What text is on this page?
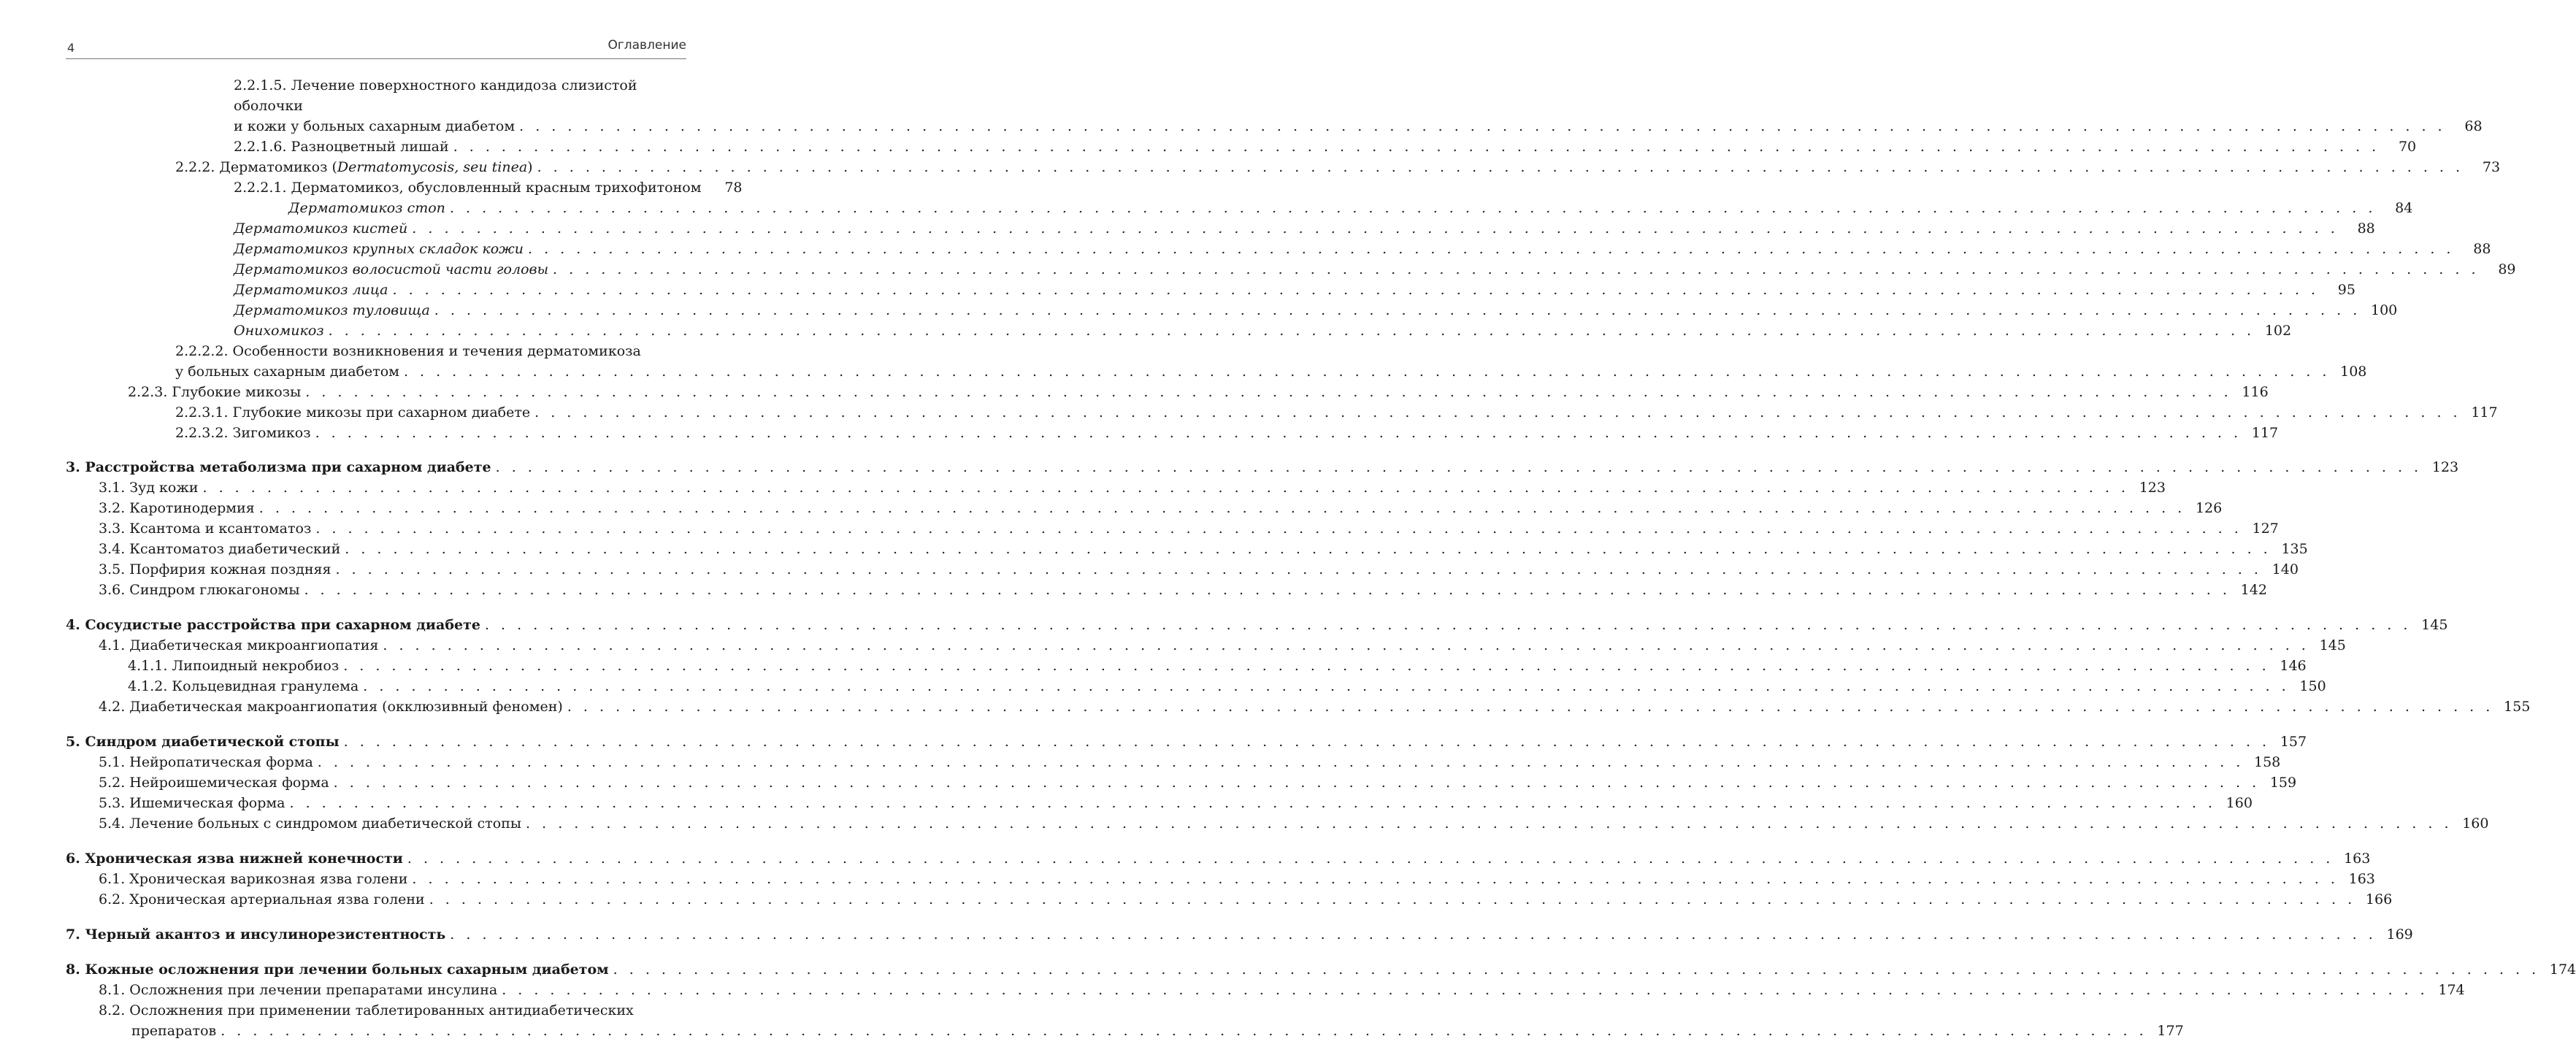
4	Оглавление
2.2.1.5. Лечение поверхностного кандидоза слизистой оболочки
и кожи у больных сахарным диабетом . . . . . . . . . . . . . . . . . . . . . . . . . . . . . . . . . . . . . . . . . . . . . . . . . . . . . . . . . . . . . . . . . . . . . . . . . . . . . . . . . . . . . . . . . . . . . . . . . . . . . . . . . . . . . . . . . . . . . . . .	68
2.2.1.6. Разноцветный лишай . . . . . . . . . . . . . . . . . . . . . . . . . . . . . . . . . . . . . . . . . . . . . . . . . . . . . . . . . . . . . . . . . . . . . . . . . . . . . . . . . . . . . . . . . . . . . . . . . . . . . . . . . . . . . . . . . . . . . . . .	70
2.2.2. Дерматомикоз (Dermatomycosis, seu tinea) . . . . . . . . . . . . . . . . . . . . . . . . . . . . . . . . . . . . . . . . . . . . . . . . . . . . . . . . . . . . . . . . . . . . . . . . . . . . . . . . . . . . . . . . . . . . . . . . . . . . . . . . . . . . . . . . . . . . . . . .	73
2.2.2.1. Дерматомикоз, обусловленный красным трихофитоном	78
Дерматомикоз стоп . . . . . . . . . . . . . . . . . . . . . . . . . . . . . . . . . . . . . . . . . . . . . . . . . . . . . . . . . . . . . . . . . . . . . . . . . . . . . . . . . . . . . . . . . . . . . . . . . . . . . . . . . . . . . . . . . . . . . . . .	84
Дерматомикоз кистей . . . . . . . . . . . . . . . . . . . . . . . . . . . . . . . . . . . . . . . . . . . . . . . . . . . . . . . . . . . . . . . . . . . . . . . . . . . . . . . . . . . . . . . . . . . . . . . . . . . . . . . . . . . . . . . . . . . . . . . .	88
Дерматомикоз крупных складок кожи . . . . . . . . . . . . . . . . . . . . . . . . . . . . . . . . . . . . . . . . . . . . . . . . . . . . . . . . . . . . . . . . . . . . . . . . . . . . . . . . . . . . . . . . . . . . . . . . . . . . . . . . . . . . . . . . . . . . . . . .	88
Дерматомикоз волосистой части головы . . . . . . . . . . . . . . . . . . . . . . . . . . . . . . . . . . . . . . . . . . . . . . . . . . . . . . . . . . . . . . . . . . . . . . . . . . . . . . . . . . . . . . . . . . . . . . . . . . . . . . . . . . . . . . . . . . . . . . . .	89
Дерматомикоз лица . . . . . . . . . . . . . . . . . . . . . . . . . . . . . . . . . . . . . . . . . . . . . . . . . . . . . . . . . . . . . . . . . . . . . . . . . . . . . . . . . . . . . . . . . . . . . . . . . . . . . . . . . . . . . . . . . . . . . . . .	95
Дерматомикоз туловища . . . . . . . . . . . . . . . . . . . . . . . . . . . . . . . . . . . . . . . . . . . . . . . . . . . . . . . . . . . . . . . . . . . . . . . . . . . . . . . . . . . . . . . . . . . . . . . . . . . . . . . . . . . . . . . . . . . . . . . . 100
Онихомикоз . . . . . . . . . . . . . . . . . . . . . . . . . . . . . . . . . . . . . . . . . . . . . . . . . . . . . . . . . . . . . . . . . . . . . . . . . . . . . . . . . . . . . . . . . . . . . . . . . . . . . . . . . . . . . . . . . . . . . . . . 102
2.2.2.2. Особенности возникновения и течения дерматомикоза
у больных сахарным диабетом . . . . . . . . . . . . . . . . . . . . . . . . . . . . . . . . . . . . . . . . . . . . . . . . . . . . . . . . . . . . . . . . . . . . . . . . . . . . . . . . . . . . . . . . . . . . . . . . . . . . . . . . . . . . . . . . . . . . . . . . 108
2.2.3. Глубокие микозы . . . . . . . . . . . . . . . . . . . . . . . . . . . . . . . . . . . . . . . . . . . . . . . . . . . . . . . . . . . . . . . . . . . . . . . . . . . . . . . . . . . . . . . . . . . . . . . . . . . . . . . . . . . . . . . . . . . . . . . . 116
2.2.3.1. Глубокие микозы при сахарном диабете . . . . . . . . . . . . . . . . . . . . . . . . . . . . . . . . . . . . . . . . . . . . . . . . . . . . . . . . . . . . . . . . . . . . . . . . . . . . . . . . . . . . . . . . . . . . . . . . . . . . . . . . . . . . . . . . . . . . . . . . 117
2.2.3.2. Зигомикоз . . . . . . . . . . . . . . . . . . . . . . . . . . . . . . . . . . . . . . . . . . . . . . . . . . . . . . . . . . . . . . . . . . . . . . . . . . . . . . . . . . . . . . . . . . . . . . . . . . . . . . . . . . . . . . . . . . . . . . . . 117
3. Расстройства метаболизма при сахарном диабете . . . . . . . . . . . . . . . . . . . . . . . . . . . . . . . . . . . . . . . . . . . . . . . . . . . . . . . . . . . . . . . . . . . . . . . . . . . . . . . . . . . . . . . . . . . . . . . . . . . . . . . . . . . . . . . . . . . . . . . . 123
3.1. Зуд кожи . . . . . . . . . . . . . . . . . . . . . . . . . . . . . . . . . . . . . . . . . . . . . . . . . . . . . . . . . . . . . . . . . . . . . . . . . . . . . . . . . . . . . . . . . . . . . . . . . . . . . . . . . . . . . . . . . . . . . . . . 123
3.2. Каротинодермия . . . . . . . . . . . . . . . . . . . . . . . . . . . . . . . . . . . . . . . . . . . . . . . . . . . . . . . . . . . . . . . . . . . . . . . . . . . . . . . . . . . . . . . . . . . . . . . . . . . . . . . . . . . . . . . . . . . . . . . . 126
3.3. Ксантома и ксантоматоз . . . . . . . . . . . . . . . . . . . . . . . . . . . . . . . . . . . . . . . . . . . . . . . . . . . . . . . . . . . . . . . . . . . . . . . . . . . . . . . . . . . . . . . . . . . . . . . . . . . . . . . . . . . . . . . . . . . . . . . . 127
3.4. Ксантоматоз диабетический . . . . . . . . . . . . . . . . . . . . . . . . . . . . . . . . . . . . . . . . . . . . . . . . . . . . . . . . . . . . . . . . . . . . . . . . . . . . . . . . . . . . . . . . . . . . . . . . . . . . . . . . . . . . . . . . . . . . . . . . 135
3.5. Порфирия кожная поздняя . . . . . . . . . . . . . . . . . . . . . . . . . . . . . . . . . . . . . . . . . . . . . . . . . . . . . . . . . . . . . . . . . . . . . . . . . . . . . . . . . . . . . . . . . . . . . . . . . . . . . . . . . . . . . . . . . . . . . . . . 140
3.6. Синдром глюкагономы . . . . . . . . . . . . . . . . . . . . . . . . . . . . . . . . . . . . . . . . . . . . . . . . . . . . . . . . . . . . . . . . . . . . . . . . . . . . . . . . . . . . . . . . . . . . . . . . . . . . . . . . . . . . . . . . . . . . . . . . 142
4. Сосудистые расстройства при сахарном диабете . . . . . . . . . . . . . . . . . . . . . . . . . . . . . . . . . . . . . . . . . . . . . . . . . . . . . . . . . . . . . . . . . . . . . . . . . . . . . . . . . . . . . . . . . . . . . . . . . . . . . . . . . . . . . . . . . . . . . . . . 145
4.1. Диабетическая микроангиопатия . . . . . . . . . . . . . . . . . . . . . . . . . . . . . . . . . . . . . . . . . . . . . . . . . . . . . . . . . . . . . . . . . . . . . . . . . . . . . . . . . . . . . . . . . . . . . . . . . . . . . . . . . . . . . . . . . . . . . . . . 145
4.1.1. Липоидный некробиоз . . . . . . . . . . . . . . . . . . . . . . . . . . . . . . . . . . . . . . . . . . . . . . . . . . . . . . . . . . . . . . . . . . . . . . . . . . . . . . . . . . . . . . . . . . . . . . . . . . . . . . . . . . . . . . . . . . . . . . . . 146
4.1.2. Кольцевидная гранулема . . . . . . . . . . . . . . . . . . . . . . . . . . . . . . . . . . . . . . . . . . . . . . . . . . . . . . . . . . . . . . . . . . . . . . . . . . . . . . . . . . . . . . . . . . . . . . . . . . . . . . . . . . . . . . . . . . . . . . . . 150
4.2. Диабетическая макроангиопатия (окклюзивный феномен) . . . . . . . . . . . . . . . . . . . . . . . . . . . . . . . . . . . . . . . . . . . . . . . . . . . . . . . . . . . . . . . . . . . . . . . . . . . . . . . . . . . . . . . . . . . . . . . . . . . . . . . . . . . . . . . . . . . . . . . . 155
5. Синдром диабетической стопы . . . . . . . . . . . . . . . . . . . . . . . . . . . . . . . . . . . . . . . . . . . . . . . . . . . . . . . . . . . . . . . . . . . . . . . . . . . . . . . . . . . . . . . . . . . . . . . . . . . . . . . . . . . . . . . . . . . . . . . . 157
5.1. Нейропатическая форма . . . . . . . . . . . . . . . . . . . . . . . . . . . . . . . . . . . . . . . . . . . . . . . . . . . . . . . . . . . . . . . . . . . . . . . . . . . . . . . . . . . . . . . . . . . . . . . . . . . . . . . . . . . . . . . . . . . . . . . . 158
5.2. Нейроишемическая форма . . . . . . . . . . . . . . . . . . . . . . . . . . . . . . . . . . . . . . . . . . . . . . . . . . . . . . . . . . . . . . . . . . . . . . . . . . . . . . . . . . . . . . . . . . . . . . . . . . . . . . . . . . . . . . . . . . . . . . . . 159
5.3. Ишемическая форма . . . . . . . . . . . . . . . . . . . . . . . . . . . . . . . . . . . . . . . . . . . . . . . . . . . . . . . . . . . . . . . . . . . . . . . . . . . . . . . . . . . . . . . . . . . . . . . . . . . . . . . . . . . . . . . . . . . . . . . . 160
5.4. Лечение больных с синдромом диабетической стопы . . . . . . . . . . . . . . . . . . . . . . . . . . . . . . . . . . . . . . . . . . . . . . . . . . . . . . . . . . . . . . . . . . . . . . . . . . . . . . . . . . . . . . . . . . . . . . . . . . . . . . . . . . . . . . . . . . . . . . . . 160
6. Хроническая язва нижней конечности . . . . . . . . . . . . . . . . . . . . . . . . . . . . . . . . . . . . . . . . . . . . . . . . . . . . . . . . . . . . . . . . . . . . . . . . . . . . . . . . . . . . . . . . . . . . . . . . . . . . . . . . . . . . . . . . . . . . . . . . 163
6.1. Хроническая варикозная язва голени . . . . . . . . . . . . . . . . . . . . . . . . . . . . . . . . . . . . . . . . . . . . . . . . . . . . . . . . . . . . . . . . . . . . . . . . . . . . . . . . . . . . . . . . . . . . . . . . . . . . . . . . . . . . . . . . . . . . . . . . 163
6.2. Хроническая артериальная язва голени . . . . . . . . . . . . . . . . . . . . . . . . . . . . . . . . . . . . . . . . . . . . . . . . . . . . . . . . . . . . . . . . . . . . . . . . . . . . . . . . . . . . . . . . . . . . . . . . . . . . . . . . . . . . . . . . . . . . . . . . 166
7. Черный акантоз и инсулинорезистентность . . . . . . . . . . . . . . . . . . . . . . . . . . . . . . . . . . . . . . . . . . . . . . . . . . . . . . . . . . . . . . . . . . . . . . . . . . . . . . . . . . . . . . . . . . . . . . . . . . . . . . . . . . . . . . . . . . . . . . . . 169
8. Кожные осложнения при лечении больных сахарным диабетом . . . . . . . . . . . . . . . . . . . . . . . . . . . . . . . . . . . . . . . . . . . . . . . . . . . . . . . . . . . . . . . . . . . . . . . . . . . . . . . . . . . . . . . . . . . . . . . . . . . . . . . . . . . . . . . . . . . . . . . . 174
8.1. Осложнения при лечении препаратами инсулина . . . . . . . . . . . . . . . . . . . . . . . . . . . . . . . . . . . . . . . . . . . . . . . . . . . . . . . . . . . . . . . . . . . . . . . . . . . . . . . . . . . . . . . . . . . . . . . . . . . . . . . . . . . . . . . . . . . . . . . . 174
8.2. Осложнения при применении таблетированных антидиабетических
препаратов . . . . . . . . . . . . . . . . . . . . . . . . . . . . . . . . . . . . . . . . . . . . . . . . . . . . . . . . . . . . . . . . . . . . . . . . . . . . . . . . . . . . . . . . . . . . . . . . . . . . . . . . . . . . . . . . . . . . . . . . 177
